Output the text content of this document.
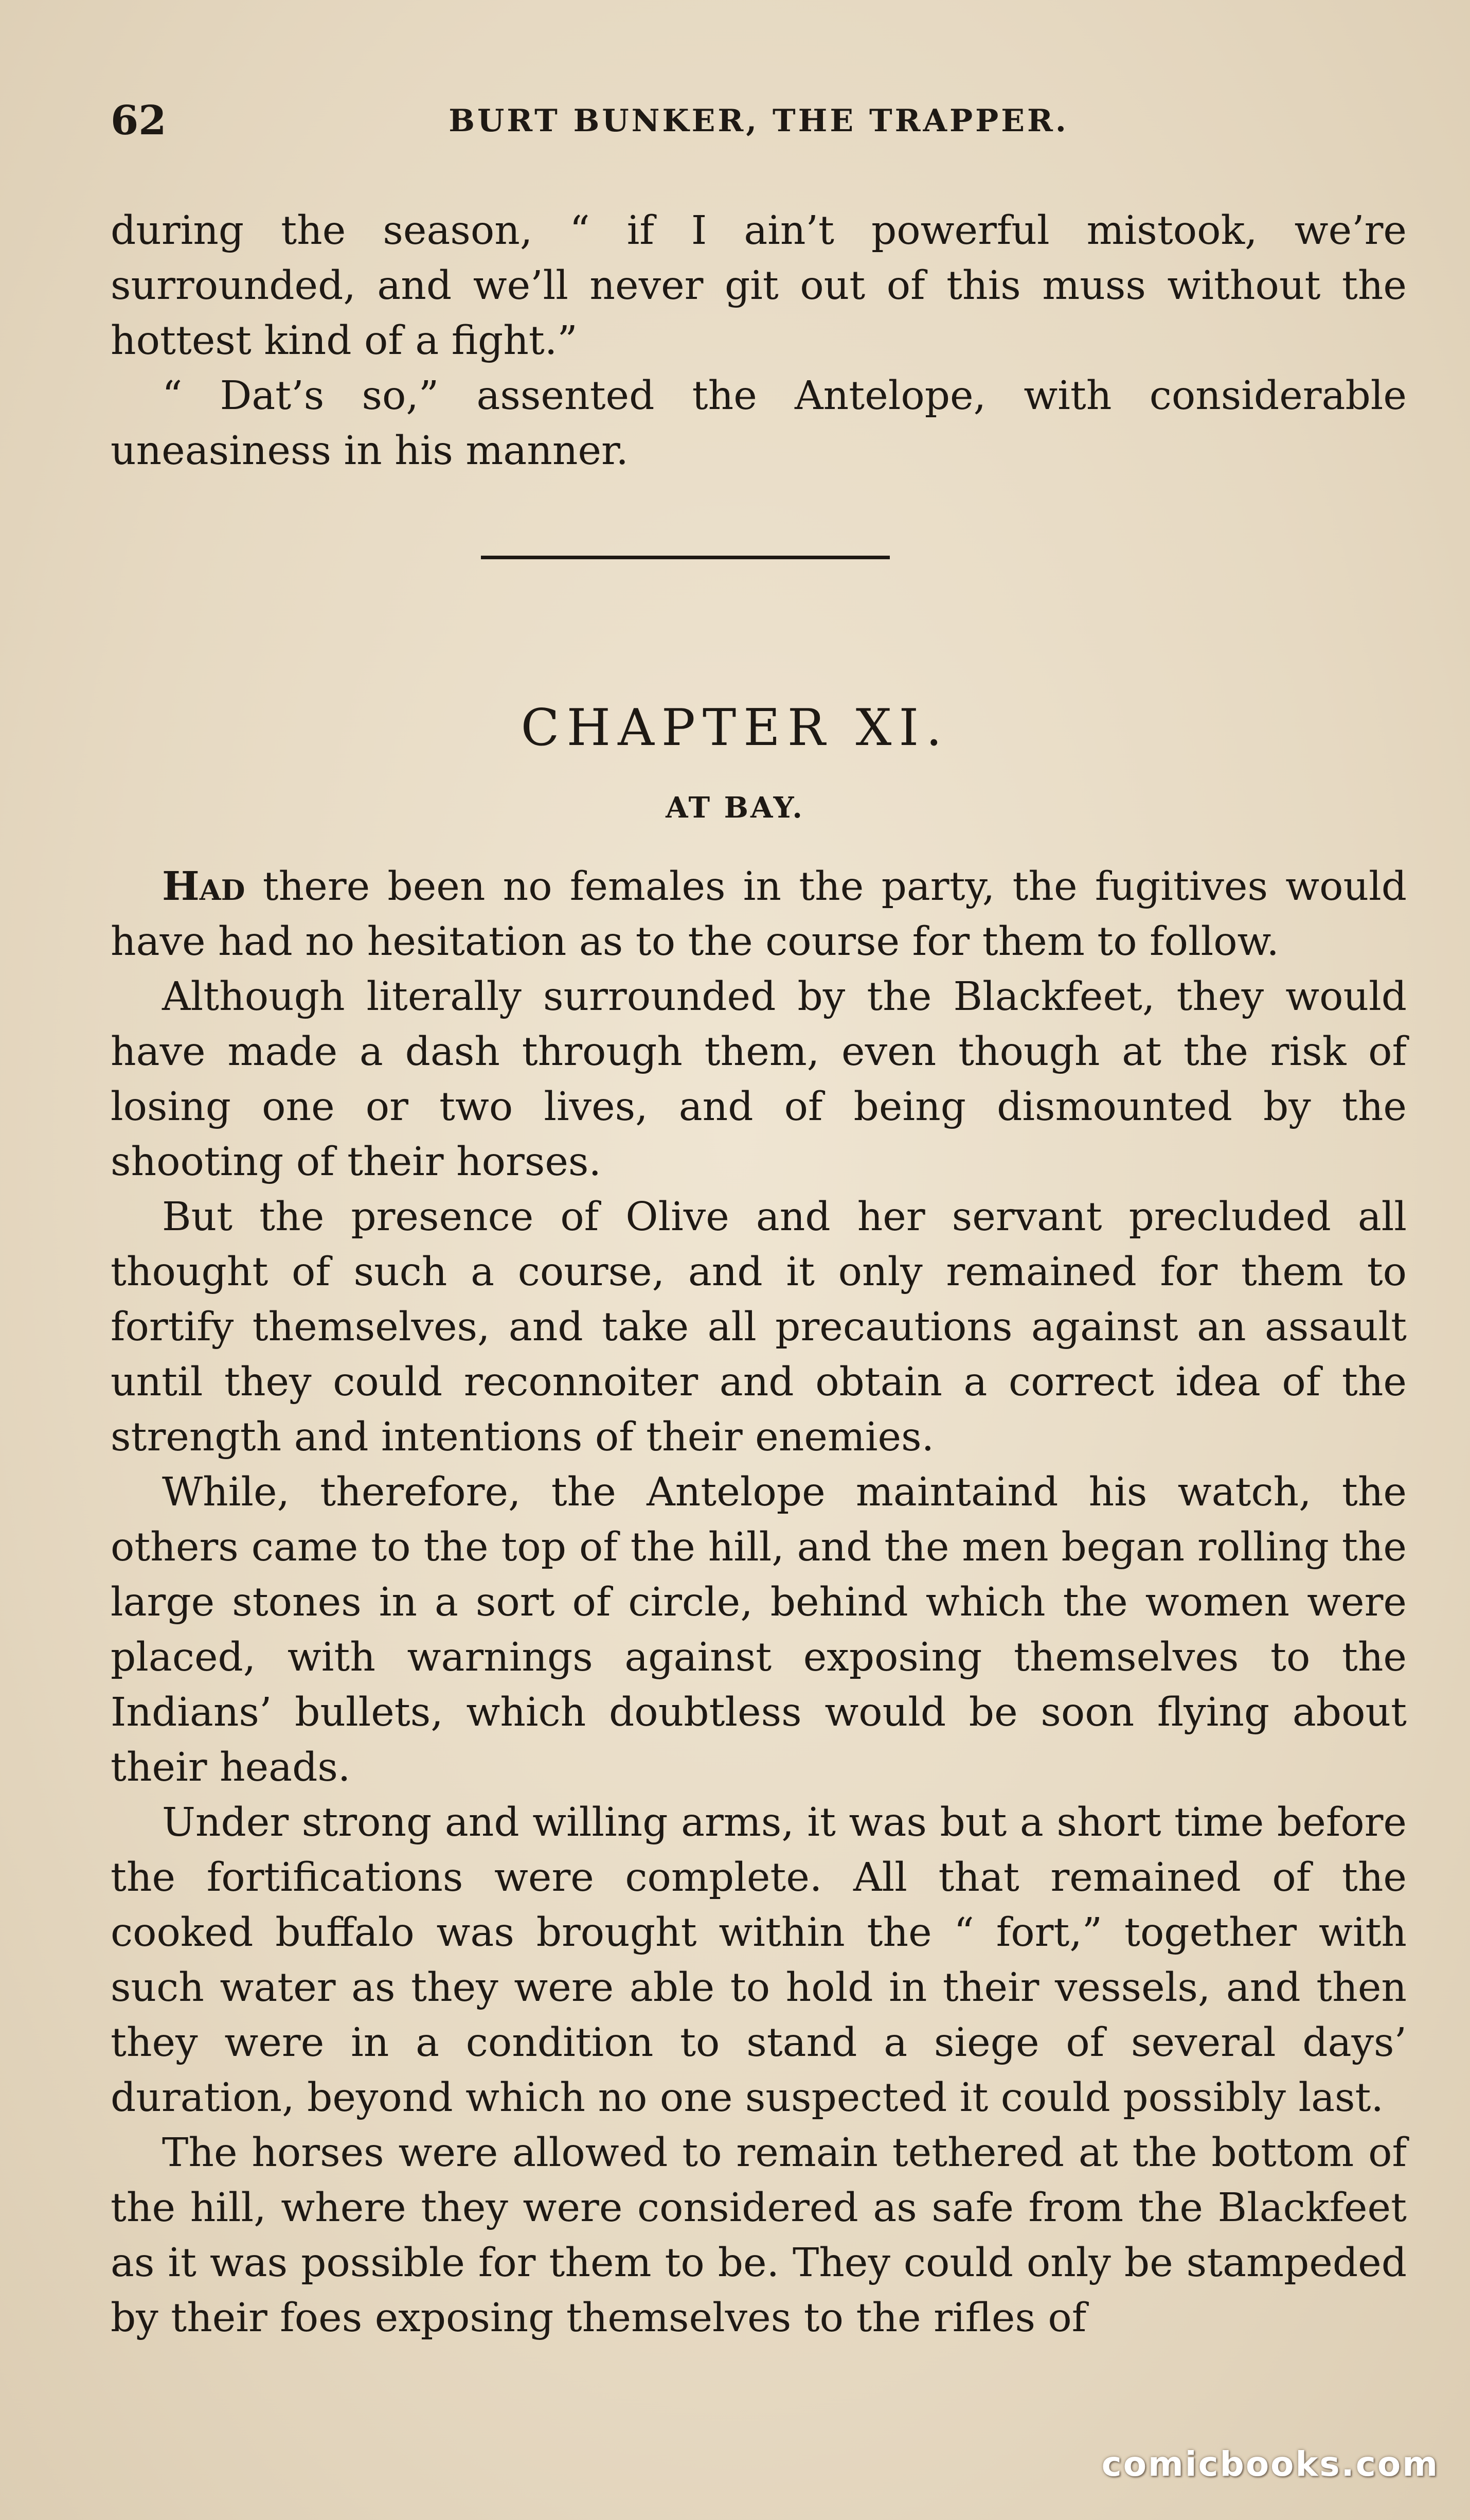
62	BURT BUNKER, THE TRAPPER.

during the season, “ if I ain’t powerful mistook, we’re surrounded, and we’ll never git out of this muss without the hottest kind of a fight.”

“ Dat’s so,” assented the Antelope, with considerable uneasiness in his manner.

CHAPTER XI.
AT BAY.

Had there been no females in the party, the fugitives would have had no hesitation as to the course for them to follow.

Although literally surrounded by the Blackfeet, they would have made a dash through them, even though at the risk of losing one or two lives, and of being dismounted by the shooting of their horses.

But the presence of Olive and her servant precluded all thought of such a course, and it only remained for them to fortify themselves, and take all precautions against an assault until they could reconnoiter and obtain a correct idea of the strength and intentions of their enemies.

While, therefore, the Antelope maintaind his watch, the others came to the top of the hill, and the men began rolling the large stones in a sort of circle, behind which the women were placed, with warnings against exposing themselves to the Indians’ bullets, which doubtless would be soon flying about their heads.

Under strong and willing arms, it was but a short time before the fortifications were complete. All that remained of the cooked buffalo was brought within the “ fort,” together with such water as they were able to hold in their vessels, and then they were in a condition to stand a siege of several days’ duration, beyond which no one suspected it could possibly last.

The horses were allowed to remain tethered at the bottom of the hill, where they were considered as safe from the Blackfeet as it was possible for them to be. They could only be stampeded by their foes exposing themselves to the rifles of

comicbooks.com
